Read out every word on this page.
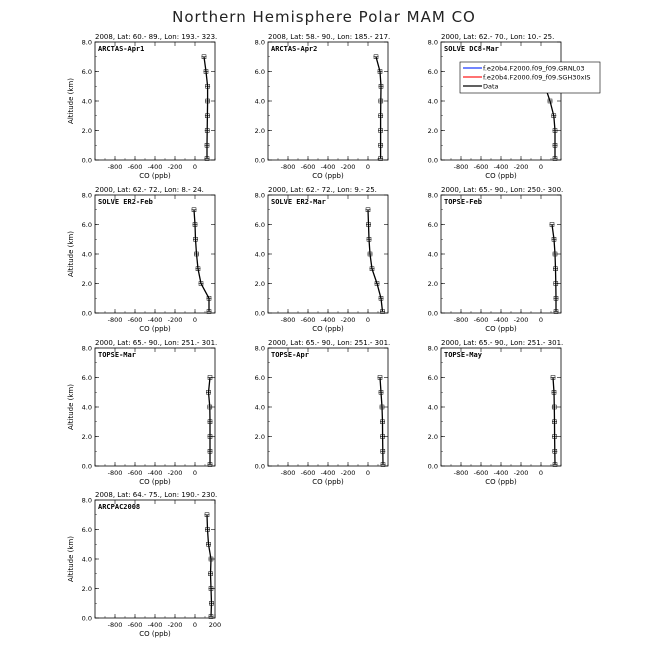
Northern Hemisphere Polar MAM CO
2008, Lat: 60.- 89., Lon: 193.- 323.
ARCTAS-Apr1
-800 -600 -400 -200 0
0.0
2.0
4.0
6.0
8.0
CO (ppb)
Altitude (km)
2008, Lat: 58.- 90., Lon: 185.- 217.
ARCTAS-Apr2
-800 -600 -400 -200 0
0.0
2.0
4.0
6.0
8.0
CO (ppb)
2000, Lat: 62.- 70., Lon: 10.- 25.
SOLVE DC8-Mar
-800 -600 -400 -200 0
0.0
2.0
4.0
6.0
8.0
CO (ppb)
2000, Lat: 62.- 72., Lon: 8.- 24.
SOLVE ER2-Feb
-800 -600 -400 -200 0
0.0
2.0
4.0
6.0
8.0
CO (ppb)
Altitude (km)
2000, Lat: 62.- 72., Lon: 9.- 25.
SOLVE ER2-Mar
-800 -600 -400 -200 0
0.0
2.0
4.0
6.0
8.0
CO (ppb)
2000, Lat: 65.- 90., Lon: 250.- 300.
TOPSE-Feb
-800 -600 -400 -200 0
0.0
2.0
4.0
6.0
8.0
CO (ppb)
2000, Lat: 65.- 90., Lon: 251.- 301.
TOPSE-Mar
-800 -600 -400 -200 0
0.0
2.0
4.0
6.0
8.0
CO (ppb)
Altitude (km)
2000, Lat: 65.- 90., Lon: 251.- 301.
TOPSE-Apr
-800 -600 -400 -200 0
0.0
2.0
4.0
6.0
8.0
CO (ppb)
2000, Lat: 65.- 90., Lon: 251.- 301.
TOPSE-May
-800 -600 -400 -200 0
0.0
2.0
4.0
6.0
8.0
CO (ppb)
2008, Lat: 64.- 75., Lon: 190.- 230.
ARCPAC2008
-800 -600 -400 -200 0 200
0.0
2.0
4.0
6.0
8.0
CO (ppb)
Altitude (km)
f.e20b4.F2000.f09_f09.GRNL03
f.e20b4.F2000.f09_f09.SGH30xIS
Data
